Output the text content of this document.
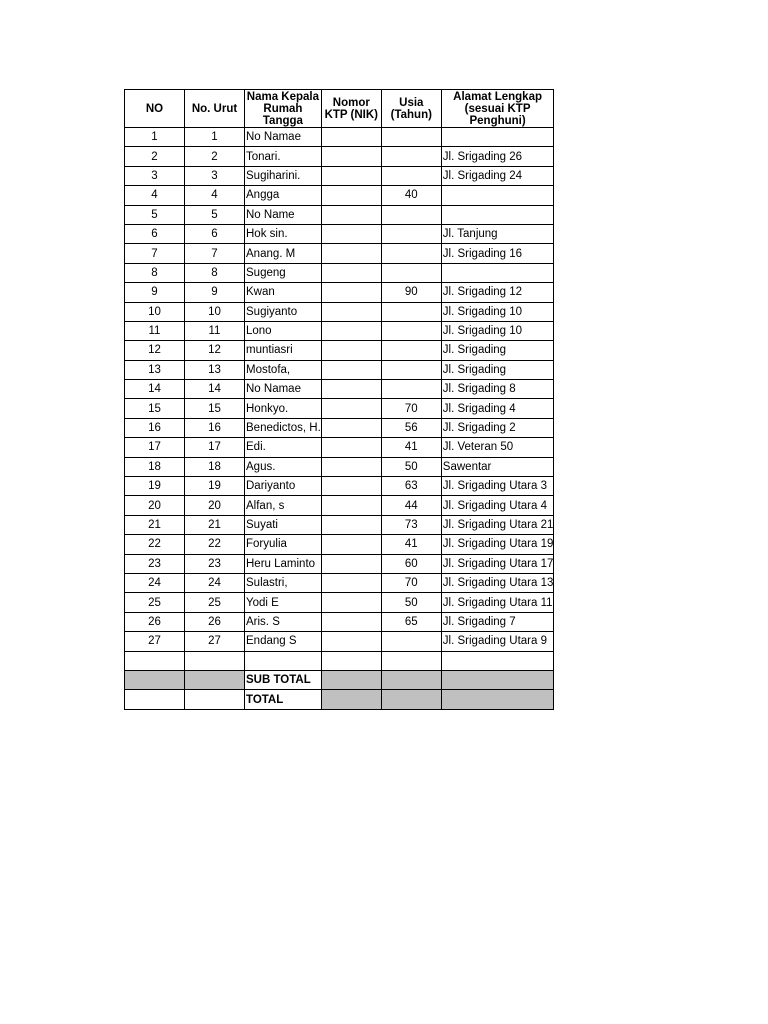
NO	No. Urut	Nama Kepala Rumah Tangga	Nomor KTP (NIK)	Usia (Tahun)	Alamat Lengkap (sesuai KTP Penghuni)

1	1	No Namae			
2	2	Tonari.			Jl. Srigading 26
3	3	Sugiharini.			Jl. Srigading 24
4	4	Angga		40	
5	5	No Name			
6	6	Hok sin.			Jl. Tanjung
7	7	Anang. M			Jl. Srigading 16
8	8	Sugeng			
9	9	Kwan		90	Jl. Srigading 12
10	10	Sugiyanto			Jl. Srigading 10
11	11	Lono			Jl. Srigading 10
12	12	muntiasri			Jl. Srigading
13	13	Mostofa,			Jl. Srigading
14	14	No Namae			Jl. Srigading 8
15	15	Honkyo.		70	Jl. Srigading 4
16	16	Benedictos, H.		56	Jl. Srigading 2
17	17	Edi.		41	Jl. Veteran 50
18	18	Agus.		50	Sawentar
19	19	Dariyanto		63	Jl. Srigading Utara 3
20	20	Alfan, s		44	Jl. Srigading Utara 4
21	21	Suyati		73	Jl. Srigading Utara 21
22	22	Foryulia		41	Jl. Srigading Utara 19
23	23	Heru Laminto		60	Jl. Srigading Utara 17
24	24	Sulastri,		70	Jl. Srigading Utara 13
25	25	Yodi E		50	Jl. Srigading Utara 11
26	26	Aris. S		65	Jl. Srigading 7
27	27	Endang S			Jl. Srigading Utara 9

		SUB TOTAL			
		TOTAL			
